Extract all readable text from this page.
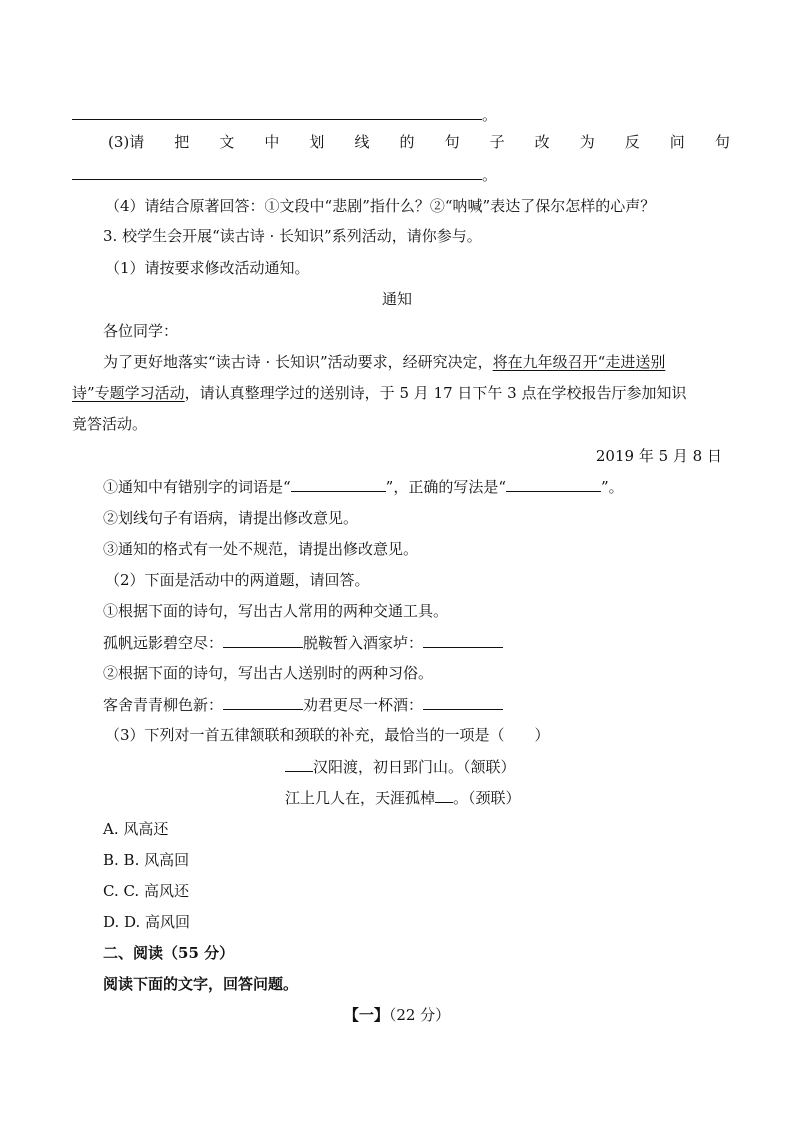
。
(3)请 把 文 中 划 线 的 句 子 改 为 反 问 句
。
（4）请结合原著回答：①文段中“悲剧”指什么？②“呐喊”表达了保尔怎样的心声？
3. 校学生会开展“读古诗 · 长知识”系列活动，请你参与。
（1）请按要求修改活动通知。
通知
各位同学：
为了更好地落实“读古诗 · 长知识”活动要求，经研究决定，将在九年级召开“走进送别
诗”专题学习活动，请认真整理学过的送别诗，于 5 月 17 日下午 3 点在学校报告厅参加知识
竟答活动。
2019 年 5 月 8 日
①通知中有错别字的词语是“	”，正确的写法是“	”。
②划线句子有语病，请提出修改意见。
③通知的格式有一处不规范，请提出修改意见。
（2）下面是活动中的两道题，请回答。
①根据下面的诗句，写出古人常用的两种交通工具。
孤帆远影碧空尽：	脱鞍暂入酒家垆：
②根据下面的诗句，写出古人送别时的两种习俗。
客舍青青柳色新：	劝君更尽一杯酒：
（3）下列对一首五律颔联和颈联的补充，最恰当的一项是（　　）
汉阳渡，初日郢门山。（颔联）
江上几人在，天涯孤棹 。（颈联）
A. 风高还
B. B. 风高回
C. C. 高风还
D. D. 高风回
二、阅读（55 分）
阅读下面的文字，回答问题。
【一】（22 分）
